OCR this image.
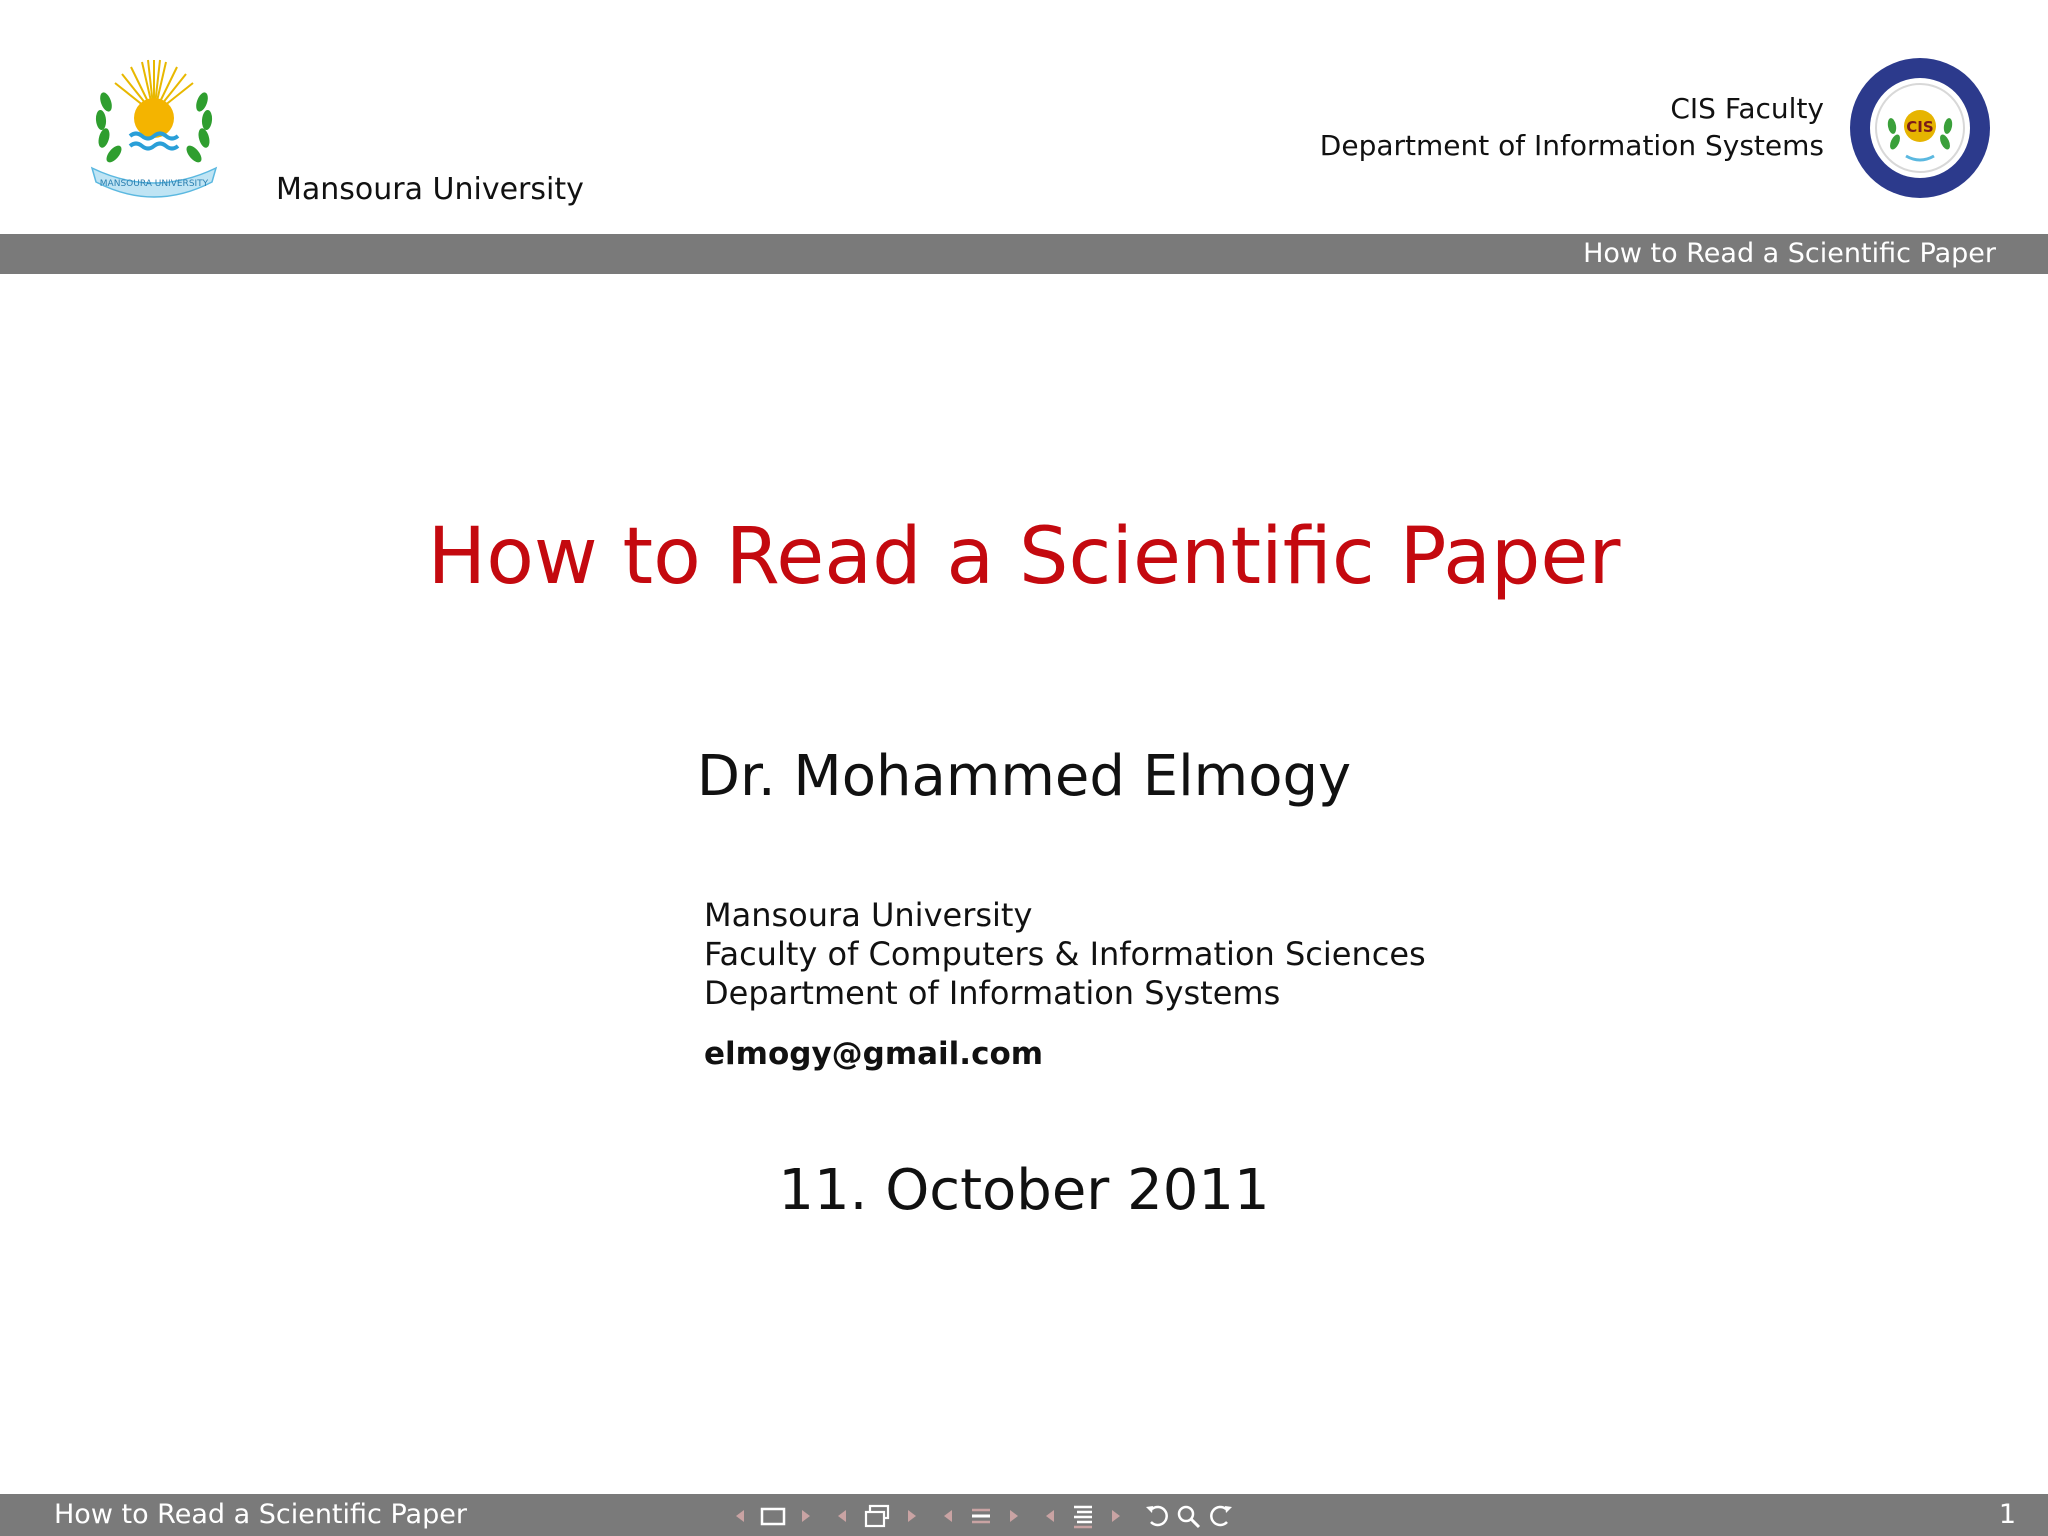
MANSOURA UNIVERSITY Mansoura University
CIS Faculty
Department of Information Systems
CIS
How to Read a Scientific Paper
How to Read a Scientific Paper
Dr. Mohammed Elmogy
Mansoura University
Faculty of Computers & Information Sciences
Department of Information Systems
elmogy@gmail.com
11. October 2011
How to Read a Scientific Paper	1
